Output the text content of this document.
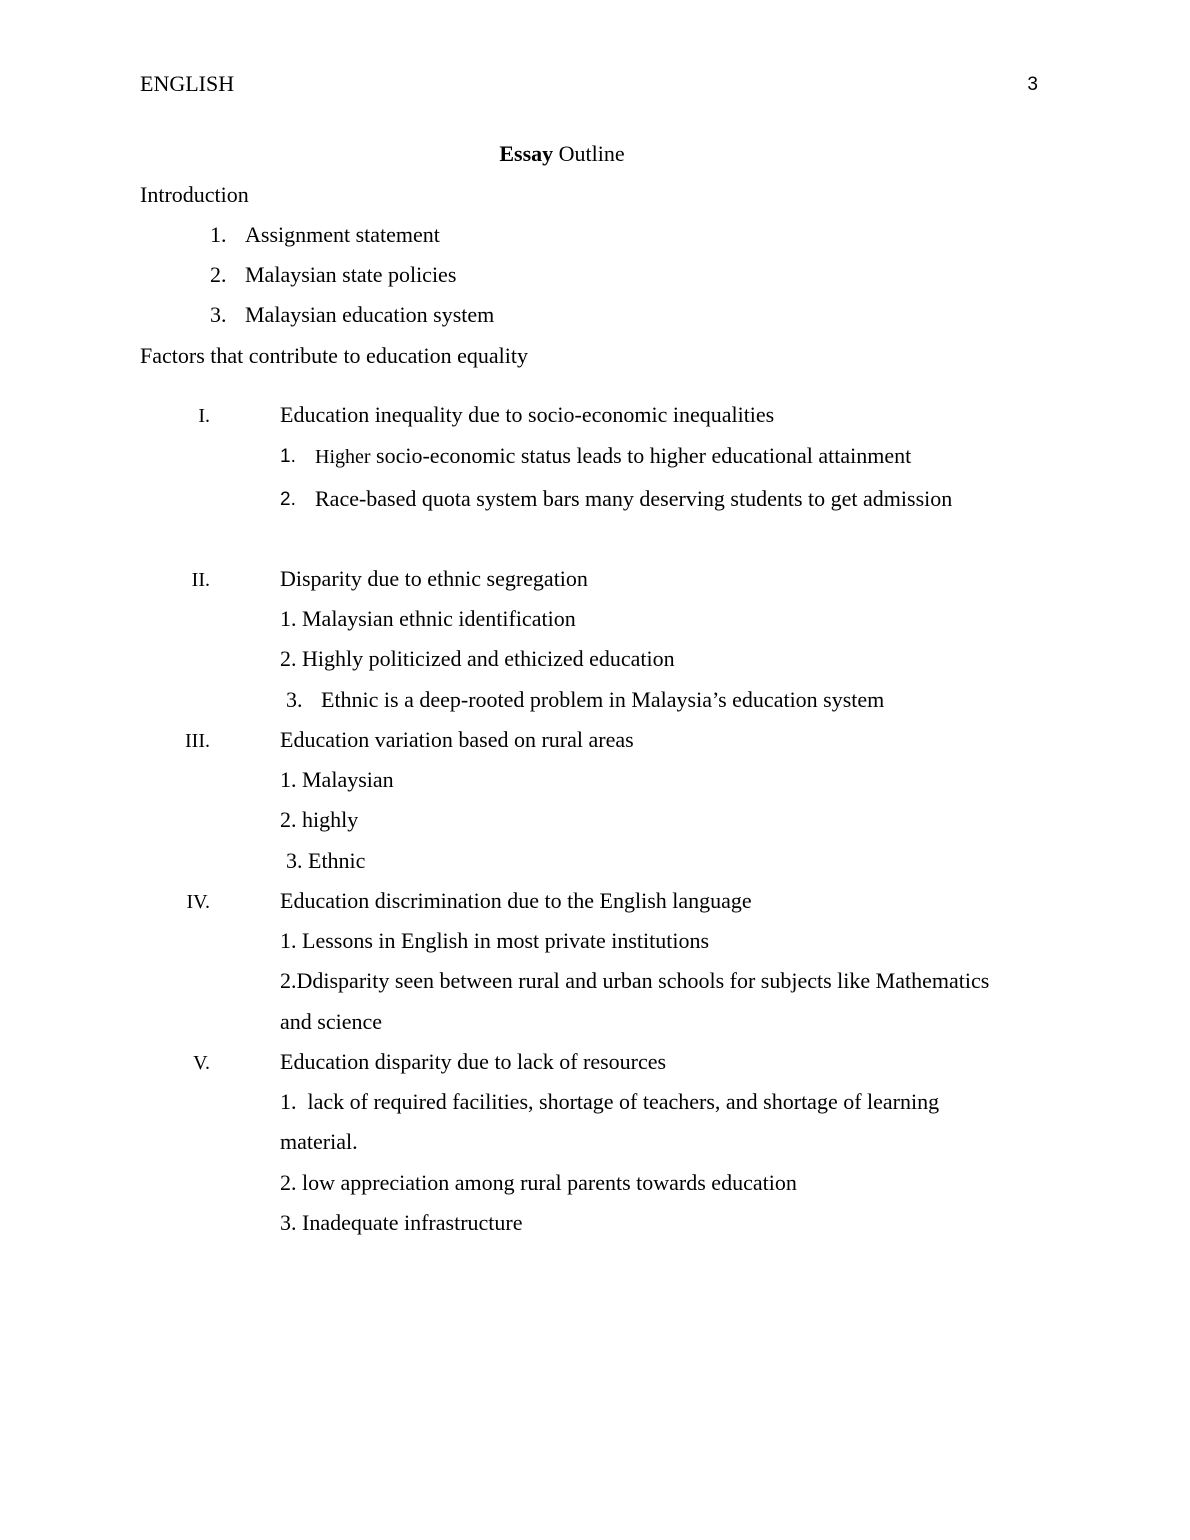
ENGLISH	3
Essay Outline
Introduction
1. Assignment statement
2. Malaysian state policies
3. Malaysian education system
Factors that contribute to education equality
I.	Education inequality due to socio-economic inequalities
1. Higher socio-economic status leads to higher educational attainment
2. Race-based quota system bars many deserving students to get admission
II.	Disparity due to ethnic segregation
1. Malaysian ethnic identification
2. Highly politicized and ethicized education
3. Ethnic is a deep-rooted problem in Malaysia’s education system
III.	Education variation based on rural areas
1. Malaysian
2. highly
3. Ethnic
IV.	Education discrimination due to the English language
1. Lessons in English in most private institutions
2.Ddisparity seen between rural and urban schools for subjects like Mathematics
and science
V.	Education disparity due to lack of resources
1.  lack of required facilities, shortage of teachers, and shortage of learning
material.
2. low appreciation among rural parents towards education
3. Inadequate infrastructure
